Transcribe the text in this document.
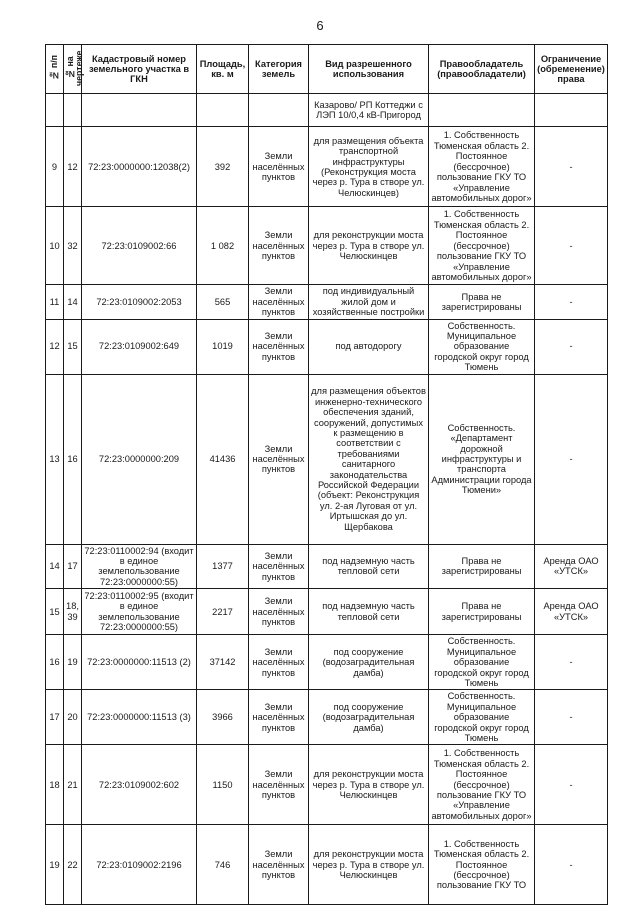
6
№ п/п	№ на чертеже	Кадастровый номер земельного участка в ГКН	Площадь, кв. м	Категория земель	Вид разрешенного использования	Правообладатель (правообладатели)	Ограничение (обременение) права
					Казарово/ РП Коттеджи с ЛЭП 10/0,4 кВ-Пригород		
9	12	72:23:0000000:12038(2)	392	Земли населённых пунктов	для размещения объекта транспортной инфраструктуры (Реконструкция моста через р. Тура в створе ул. Челюскинцев)	1. Собственность Тюменская область 2. Постоянное (бессрочное) пользование ГКУ ТО «Управление автомобильных дорог»	-
10	32	72:23:0109002:66	1 082	Земли населённых пунктов	для реконструкции моста через р. Тура в створе ул. Челюскинцев	1. Собственность Тюменская область 2. Постоянное (бессрочное) пользование ГКУ ТО «Управление автомобильных дорог»	-
11	14	72:23:0109002:2053	565	Земли населённых пунктов	под индивидуальный жилой дом и хозяйственные постройки	Права не зарегистрированы	-
12	15	72:23:0109002:649	1019	Земли населённых пунктов	под автодорогу	Собственность. Муниципальное образование городской округ город Тюмень	-
13	16	72:23:0000000:209	41436	Земли населённых пунктов	для размещения объектов инженерно-технического обеспечения зданий, сооружений, допустимых к размещению в соответствии с требованиями санитарного законодательства Российской Федерации (объект: Реконструкция ул. 2-ая Луговая от ул. Иртышская до ул. Щербакова	Собственность. «Департамент дорожной инфраструктуры и транспорта Администрации города Тюмени»	-
14	17	72:23:0110002:94 (входит в единое землепользование 72:23:0000000:55)	1377	Земли населённых пунктов	под надземную часть тепловой сети	Права не зарегистрированы	Аренда ОАО «УТСК»
15	18, 39	72:23:0110002:95 (входит в единое землепользование 72:23:0000000:55)	2217	Земли населённых пунктов	под надземную часть тепловой сети	Права не зарегистрированы	Аренда ОАО «УТСК»
16	19	72:23:0000000:11513 (2)	37142	Земли населённых пунктов	под сооружение (водозаградительная дамба)	Собственность. Муниципальное образование городской округ город Тюмень	-
17	20	72:23:0000000:11513 (3)	3966	Земли населённых пунктов	под сооружение (водозаградительная дамба)	Собственность. Муниципальное образование городской округ город Тюмень	-
18	21	72:23:0109002:602	1150	Земли населённых пунктов	для реконструкции моста через р. Тура в створе ул. Челюскинцев	1. Собственность Тюменская область 2. Постоянное (бессрочное) пользование ГКУ ТО «Управление автомобильных дорог»	-
19	22	72:23:0109002:2196	746	Земли населённых пунктов	для реконструкции моста через р. Тура в створе ул. Челюскинцев	1. Собственность Тюменская область 2. Постоянное (бессрочное) пользование ГКУ ТО	-
